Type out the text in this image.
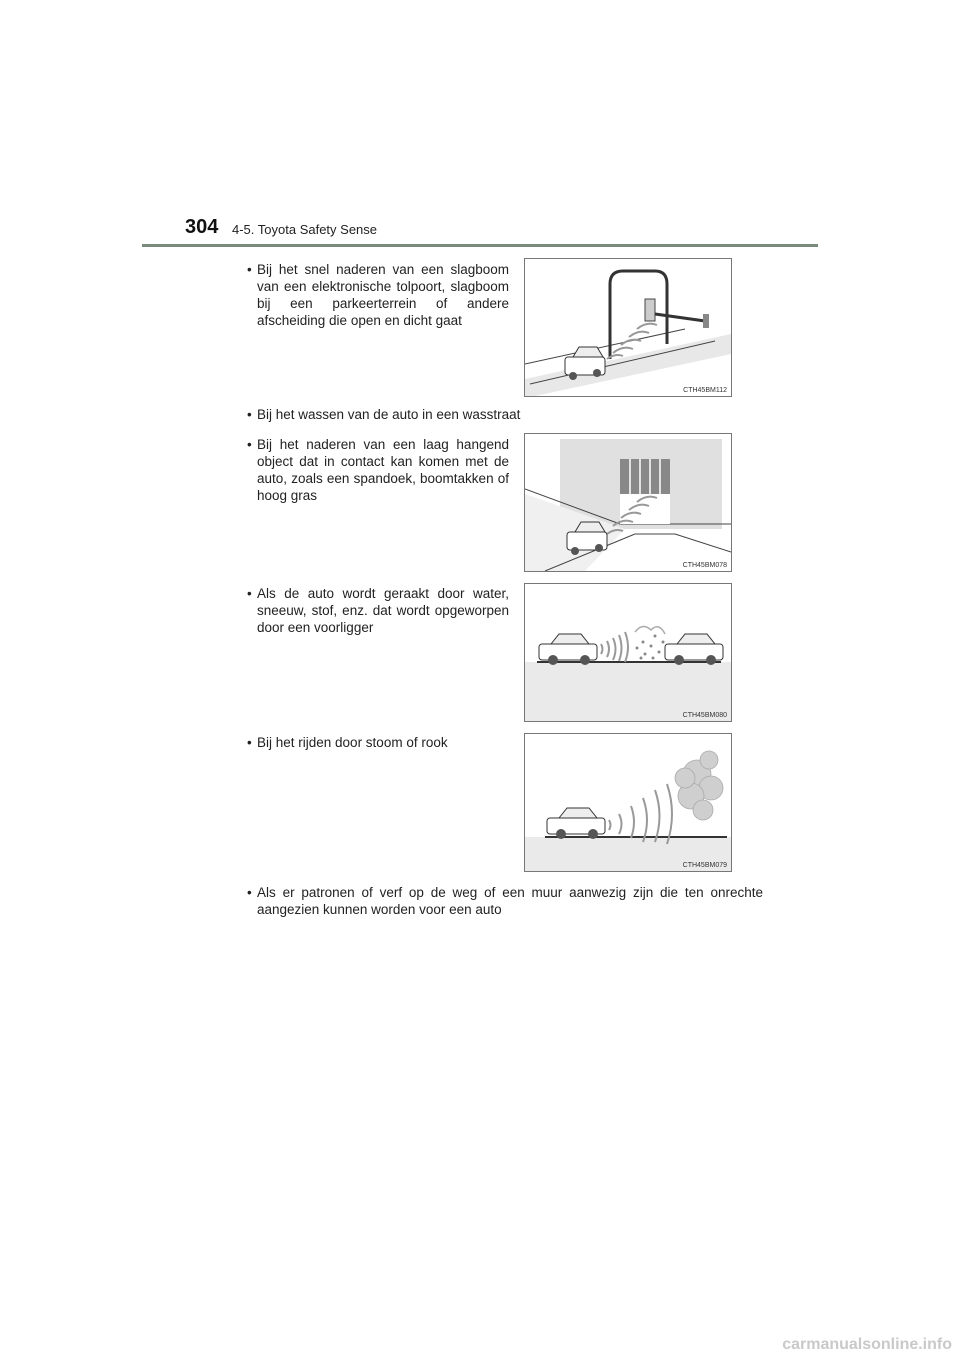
304 4-5. Toyota Safety Sense
• Bij het snel naderen van een slagboom van een elektronische tolpoort, slagboom bij een parkeerterrein of andere afscheiding die open en dicht gaat
CTH45BM112
• Bij het wassen van de auto in een wasstraat
• Bij het naderen van een laag hangend object dat in contact kan komen met de auto, zoals een spandoek, boomtakken of hoog gras
CTH45BM078
• Als de auto wordt geraakt door water, sneeuw, stof, enz. dat wordt opgeworpen door een voorligger
CTH45BM080
• Bij het rijden door stoom of rook
CTH45BM079
• Als er patronen of verf op de weg of een muur aanwezig zijn die ten onrechte aangezien kunnen worden voor een auto
carmanualsonline.info
